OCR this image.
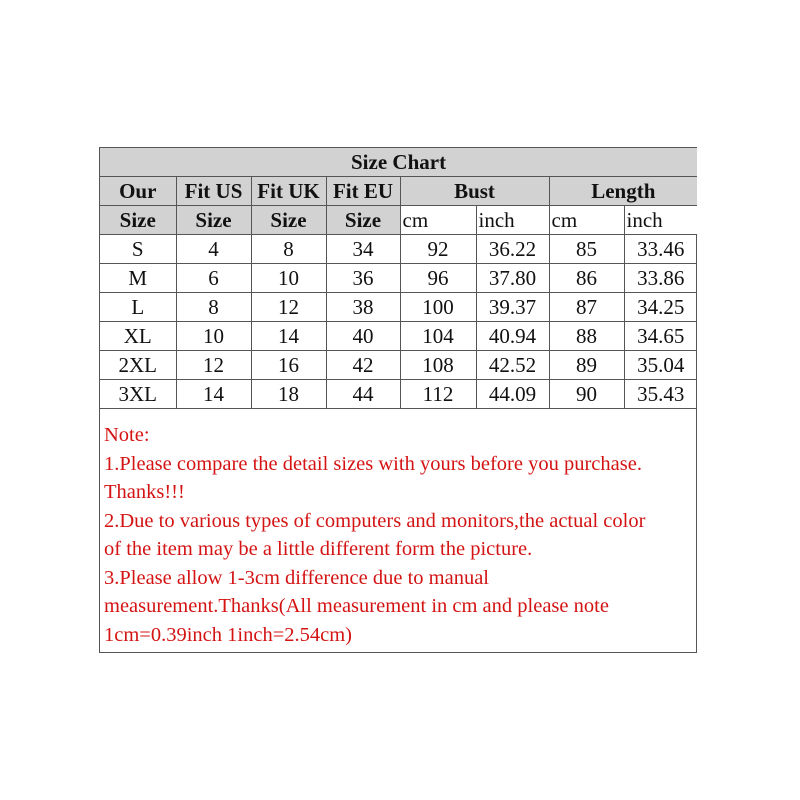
Size Chart							
Our	Fit US	Fit UK	Fit EU	Bust		Length	
Size	Size	Size	Size	cm	inch	cm	inch
S	4	8	34	92	36.22	85	33.46
M	6	10	36	96	37.80	86	33.86
L	8	12	38	100	39.37	87	34.25
XL	10	14	40	104	40.94	88	34.65
2XL	12	16	42	108	42.52	89	35.04
3XL	14	18	44	112	44.09	90	35.43
Note:
1.Please compare the detail sizes with yours before you purchase.
Thanks!!!
2.Due to various types of computers and monitors,the actual color
of the item may be a little different form the picture.
3.Please allow 1-3cm difference due to manual
measurement.Thanks(All measurement in cm and please note
1cm=0.39inch 1inch=2.54cm)
